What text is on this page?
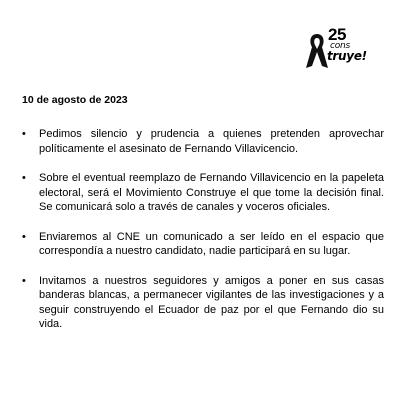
25
cons
truye!
10 de agosto de 2023
• Pedimos silencio y prudencia a quienes pretenden aprovechar políticamente el asesinato de Fernando Villavicencio.
• Sobre el eventual reemplazo de Fernando Villavicencio en la papeleta electoral, será el Movimiento Construye el que tome la decisión final. Se comunicará solo a través de canales y voceros oficiales.
• Enviaremos al CNE un comunicado a ser leído en el espacio que correspondía a nuestro candidato, nadie participará en su lugar.
• Invitamos a nuestros seguidores y amigos a poner en sus casas banderas blancas, a permanecer vigilantes de las investigaciones y a seguir construyendo el Ecuador de paz por el que Fernando dio su vida.
